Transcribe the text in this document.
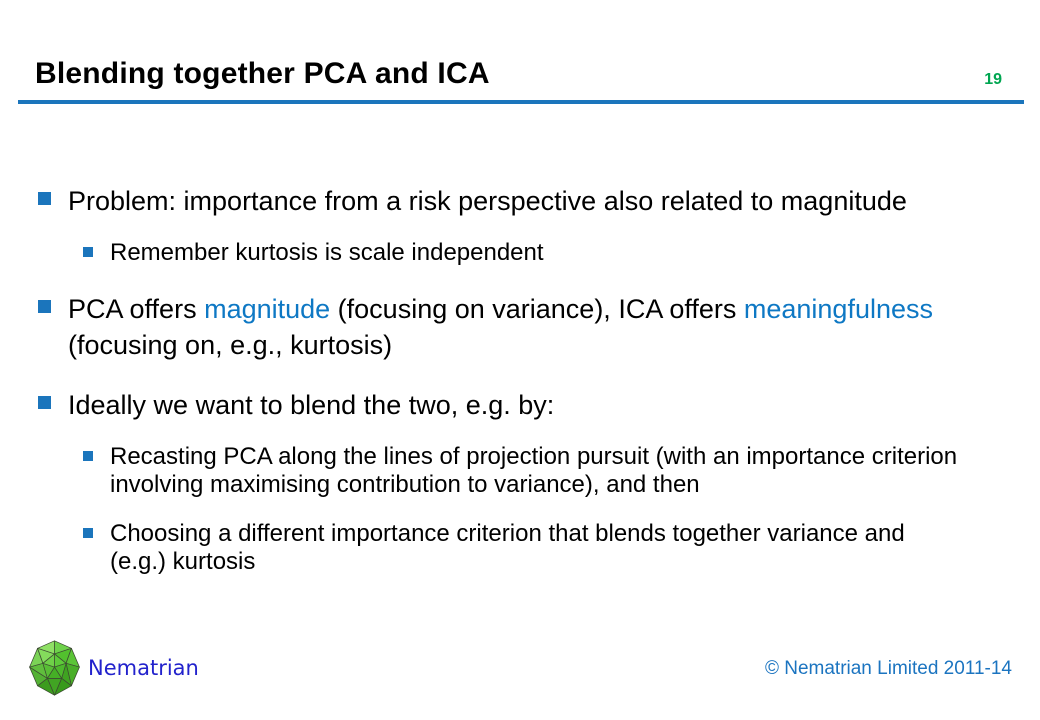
Blending together PCA and ICA	19
Problem: importance from a risk perspective also related to magnitude
Remember kurtosis is scale independent
PCA offers magnitude (focusing on variance), ICA offers meaningfulness (focusing on, e.g., kurtosis)
Ideally we want to blend the two, e.g. by:
Recasting PCA along the lines of projection pursuit (with an importance criterion involving maximising contribution to variance), and then
Choosing a different importance criterion that blends together variance and (e.g.) kurtosis
Nematrian	© Nematrian Limited 2011-14
